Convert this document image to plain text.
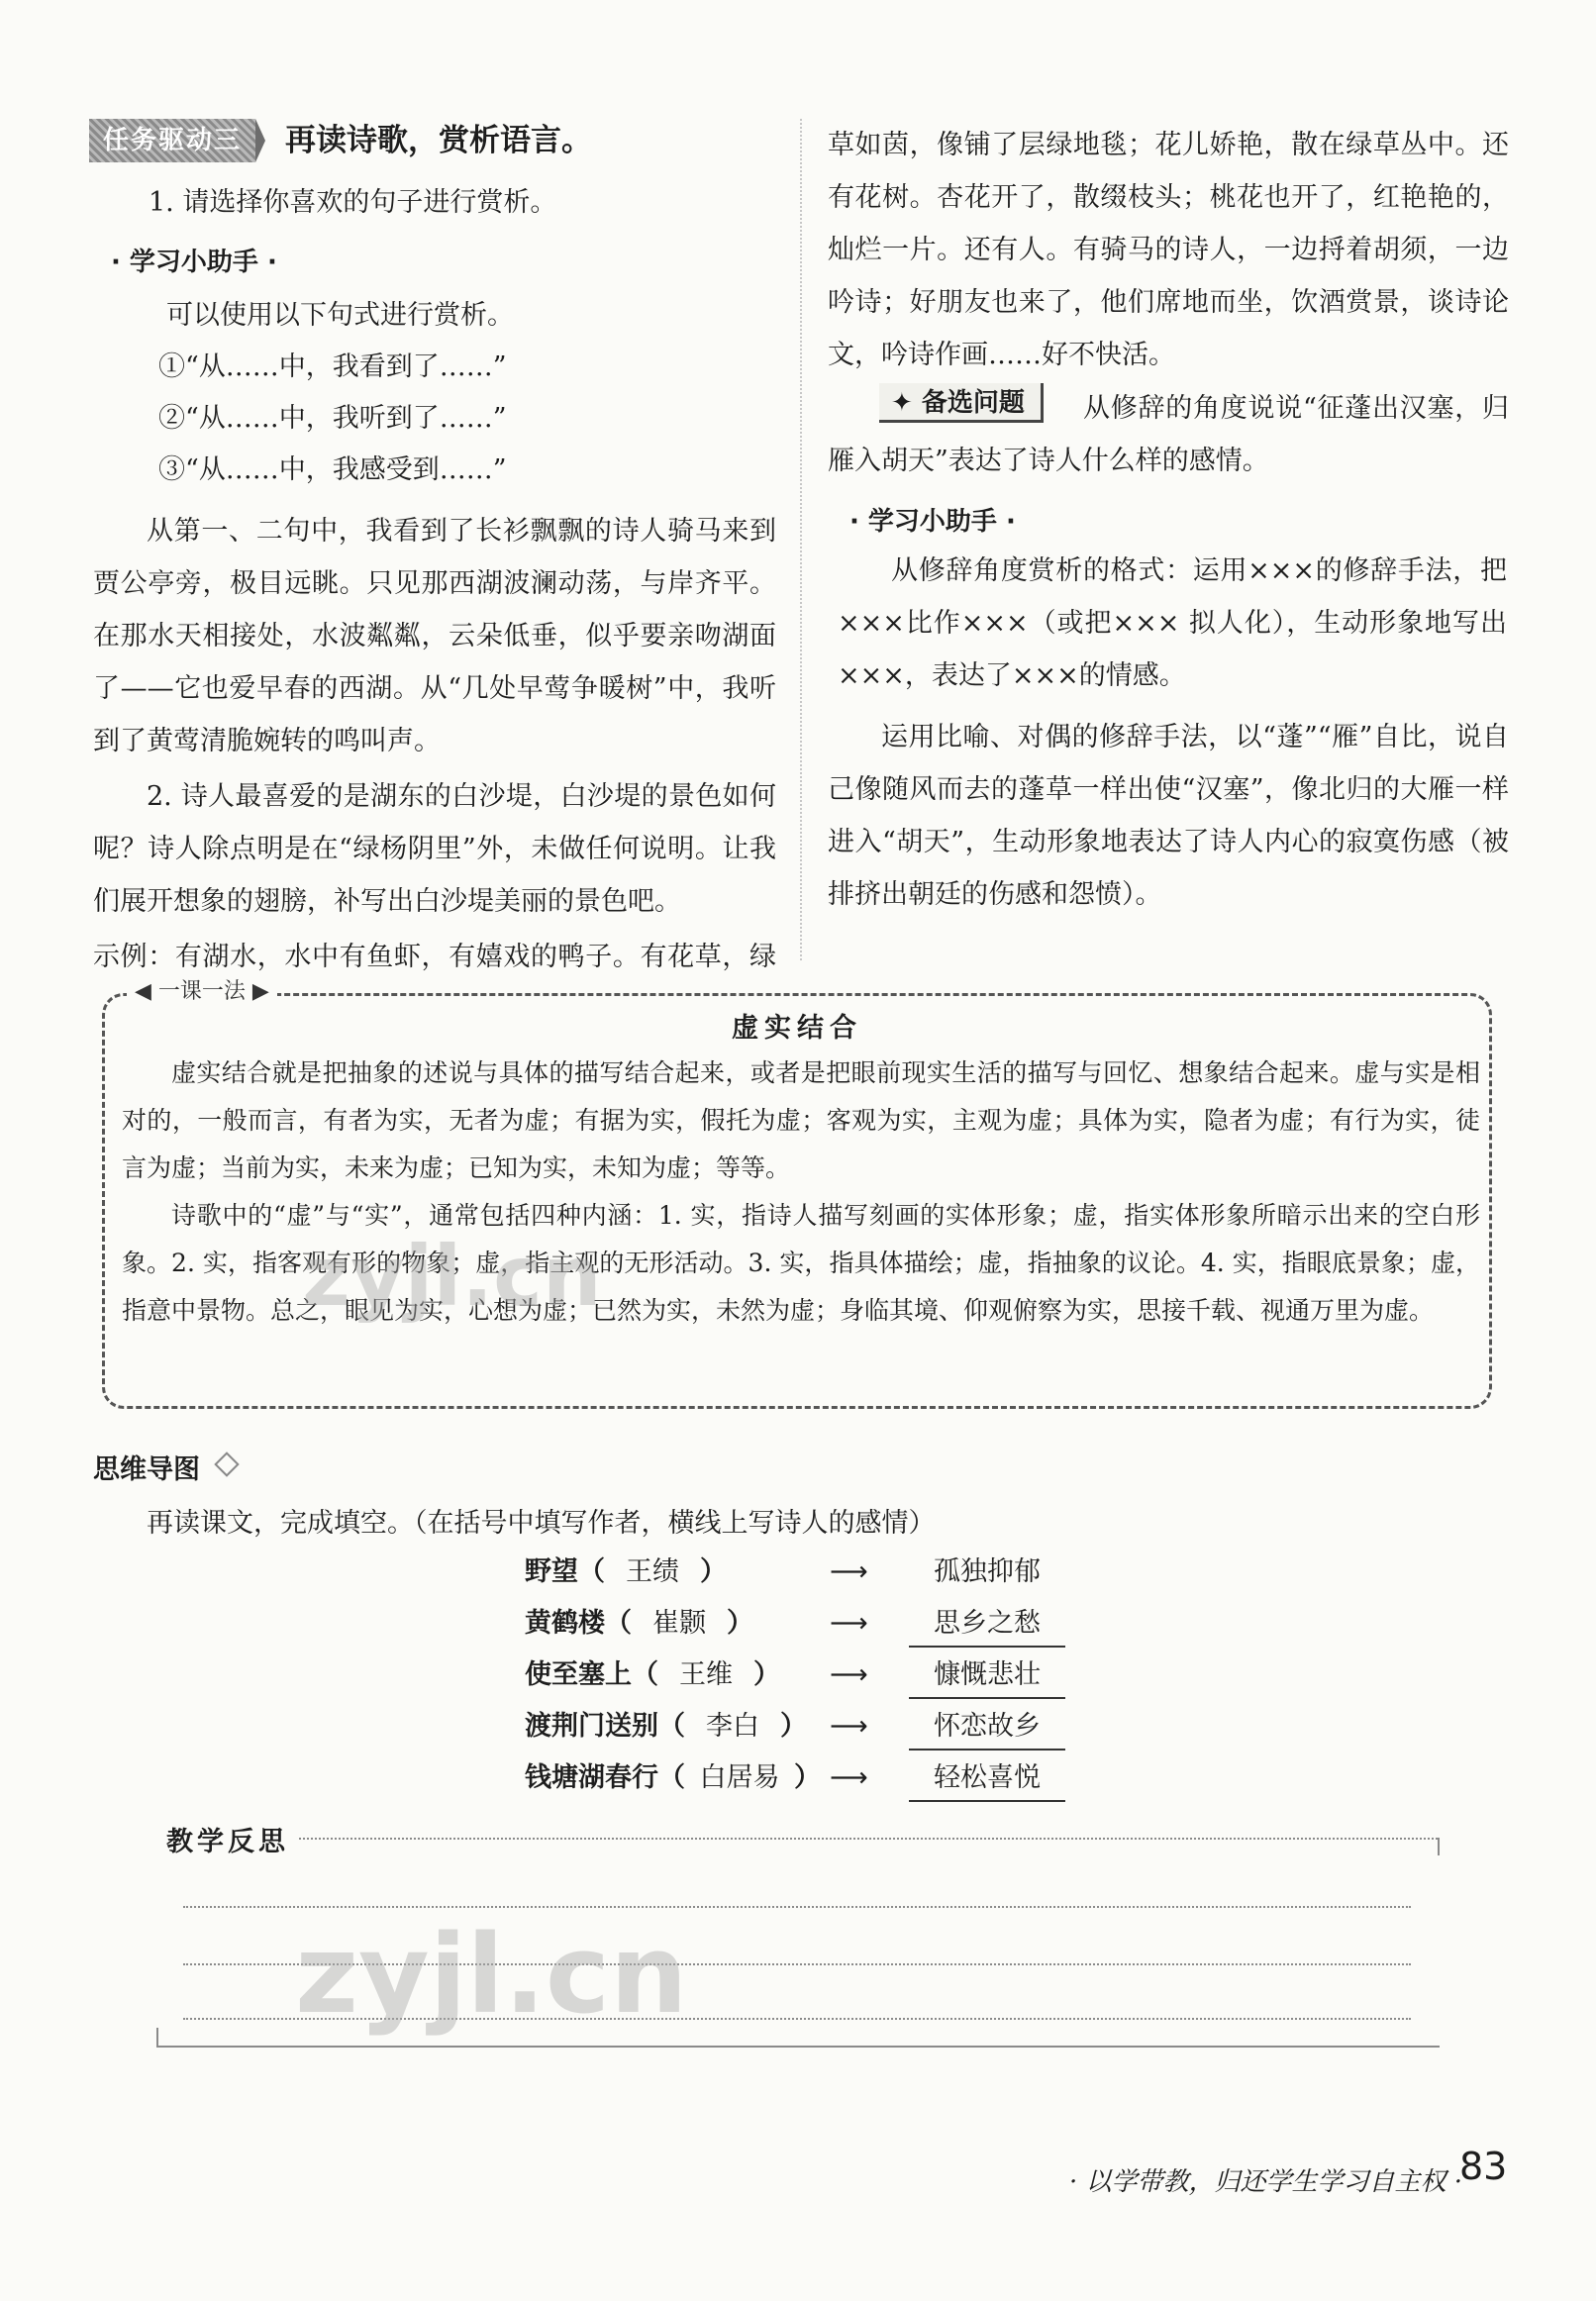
任务驱动三	再读诗歌，赏析语言。
1. 请选择你喜欢的句子进行赏析。
· 学习小助手 ·
可以使用以下句式进行赏析。
①“从……中，我看到了……”
②“从……中，我听到了……”
③“从……中，我感受到……”
从第一、二句中，我看到了长衫飘飘的诗人骑马来到贾公亭旁，极目远眺。只见那西湖波澜动荡，与岸齐平。在那水天相接处，水波粼粼，云朵低垂，似乎要亲吻湖面了——它也爱早春的西湖。从“几处早莺争暖树”中，我听到了黄莺清脆婉转的鸣叫声。
2. 诗人最喜爱的是湖东的白沙堤，白沙堤的景色如何呢？诗人除点明是在“绿杨阴里”外，未做任何说明。让我们展开想象的翅膀，补写出白沙堤美丽的景色吧。
示例：有湖水，水中有鱼虾，有嬉戏的鸭子。有花草，绿
草如茵，像铺了层绿地毯；花儿娇艳，散在绿草丛中。还有花树。杏花开了，散缀枝头；桃花也开了，红艳艳的，灿烂一片。还有人。有骑马的诗人，一边捋着胡须，一边吟诗；好朋友也来了，他们席地而坐，饮酒赏景，谈诗论文，吟诗作画……好不快活。
✦ 备选问题	从修辞的角度说说“征蓬出汉塞，归雁入胡天”表达了诗人什么样的感情。
· 学习小助手 ·
从修辞角度赏析的格式：运用×××的修辞手法，把×××比作×××（或把××× 拟人化），生动形象地写出×××，表达了×××的情感。
运用比喻、对偶的修辞手法，以“蓬”“雁”自比，说自己像随风而去的蓬草一样出使“汉塞”，像北归的大雁一样进入“胡天”，生动形象地表达了诗人内心的寂寞伤感（被排挤出朝廷的伤感和怨愤）。
◀ 一课一法 ▶
虚实结合
虚实结合就是把抽象的述说与具体的描写结合起来，或者是把眼前现实生活的描写与回忆、想象结合起来。虚与实是相对的，一般而言，有者为实，无者为虚；有据为实，假托为虚；客观为实，主观为虚；具体为实，隐者为虚；有行为实，徒言为虚；当前为实，未来为虚；已知为实，未知为虚；等等。
诗歌中的“虚”与“实”，通常包括四种内涵：1. 实，指诗人描写刻画的实体形象；虚，指实体形象所暗示出来的空白形象。2. 实，指客观有形的物象；虚，指主观的无形活动。3. 实，指具体描绘；虚，指抽象的议论。4. 实，指眼底景象；虚，指意中景物。总之，眼见为实，心想为虚；已然为实，未然为虚；身临其境、仰观俯察为实，思接千载、视通万里为虚。
思维导图
再读课文，完成填空。（在括号中填写作者，横线上写诗人的感情）
野望（ 王绩 ）	⟶	孤独抑郁
黄鹤楼（ 崔颢 ）	⟶	思乡之愁
使至塞上（ 王维 ） ⟶	慷慨悲壮
渡荆门送别（ 李白 ） ⟶	怀恋故乡
钱塘湖春行（ 白居易 ） ⟶	轻松喜悦
教学反思
zyjl.cn
zyjl.cn
· 以学带教，归还学生学习自主权 ·
83
